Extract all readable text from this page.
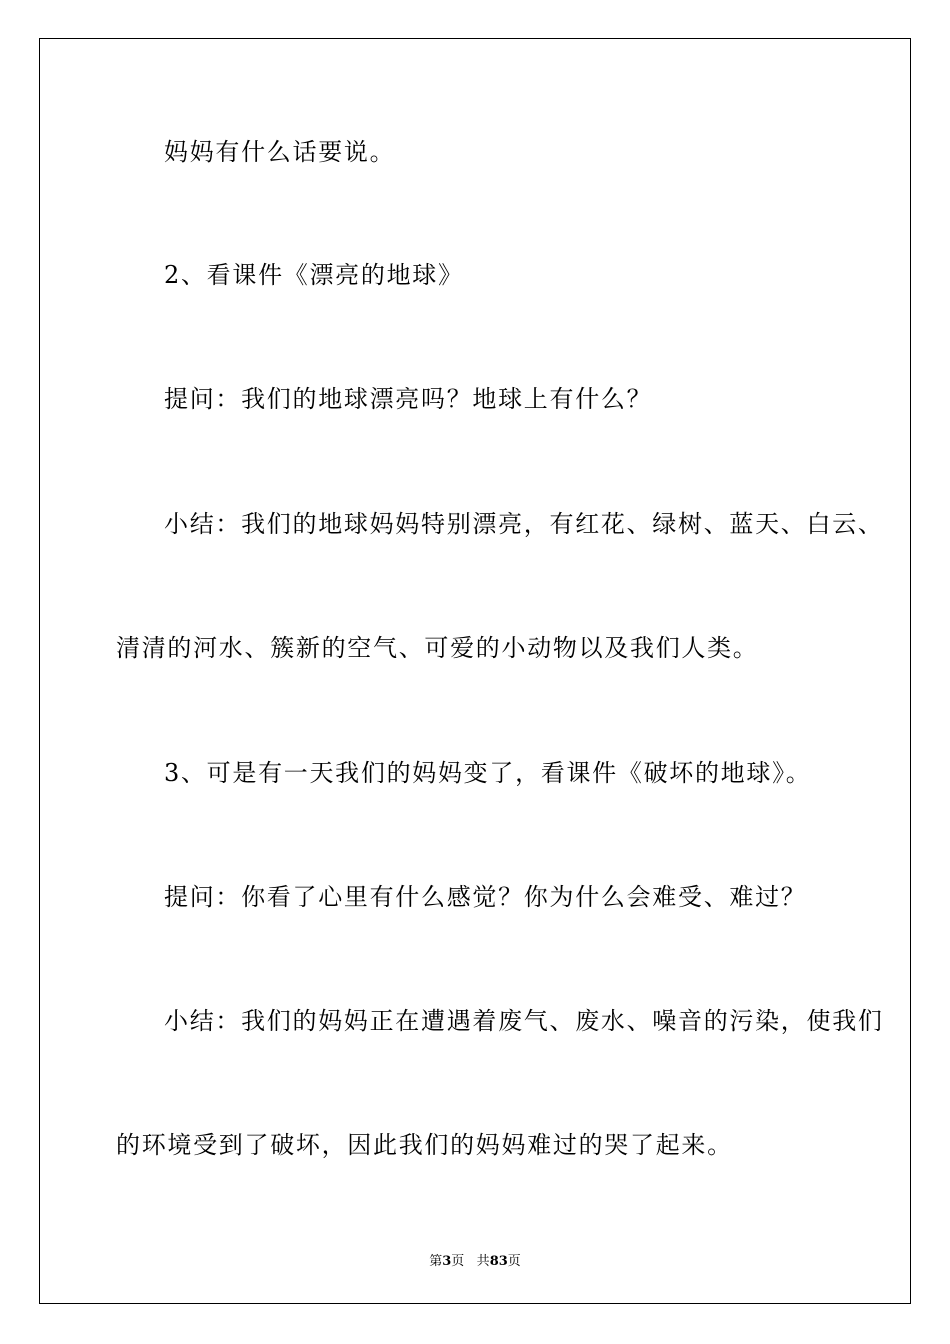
妈妈有什么话要说。
2、看课件《漂亮的地球》
提问：我们的地球漂亮吗？地球上有什么？
小结：我们的地球妈妈特别漂亮，有红花、绿树、蓝天、白云、
清清的河水、簇新的空气、可爱的小动物以及我们人类。
3、可是有一天我们的妈妈变了，看课件《破坏的地球》。
提问：你看了心里有什么感觉？你为什么会难受、难过？
小结：我们的妈妈正在遭遇着废气、废水、噪音的污染，使我们
的环境受到了破坏，因此我们的妈妈难过的哭了起来。
第3页 共83页
